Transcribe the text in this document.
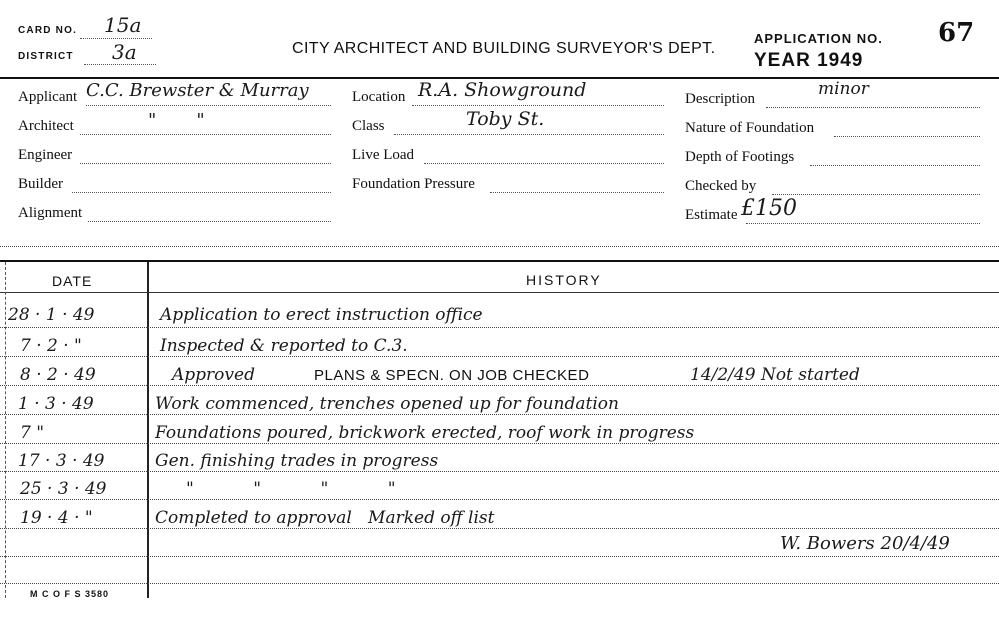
CARD NO. 15a
DISTRICT 3a	CITY ARCHITECT AND BUILDING SURVEYOR'S DEPT.
APPLICATION NO. 67
YEAR 1949
Applicant C.C. Brewster & Murray
Architect	"       "
Engineer
Builder
Alignment
Location R.A. Showground
Class	Toby St.
Live Load
Foundation Pressure
Description	minor
Nature of Foundation
Depth of Footings
Checked by
Estimate £150
DATE	HISTORY
28 · 1 · 49	Application to erect instruction office
7 · 2 · "	Inspected & reported to C.3.
8 · 2 · 49	Approved	PLANS & SPECN. ON JOB CHECKED	14/2/49 Not started
1 · 3 · 49	Work commenced, trenches opened up for foundation
7 "	Foundations poured, brickwork erected, roof work in progress
17 · 3 · 49	Gen. finishing trades in progress
25 · 3 · 49	"           "           "           "
19 · 4 · "	Completed to approval   Marked off list
W. Bowers 20/4/49
M C O F S 3580
